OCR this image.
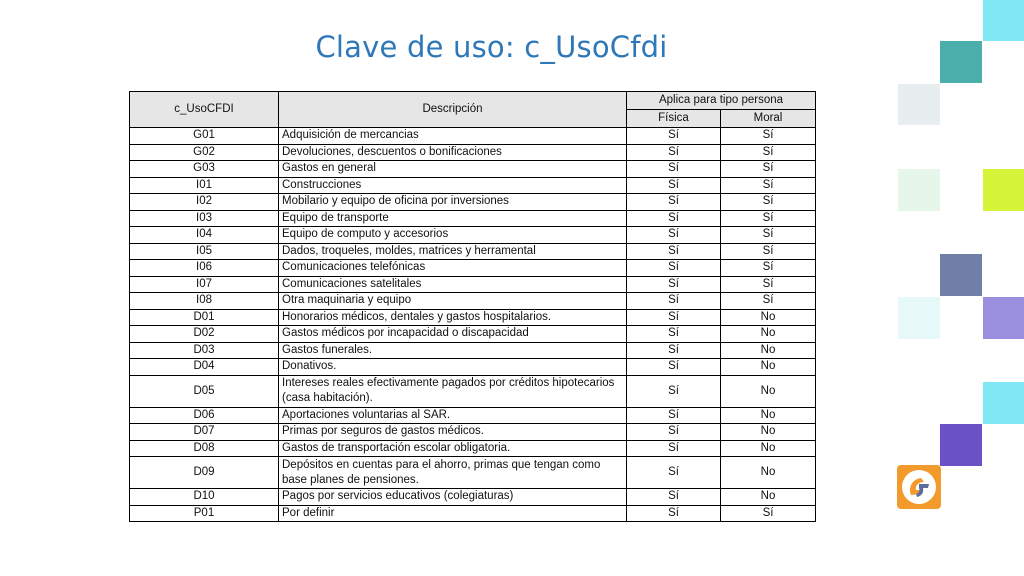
Clave de uso: c_UsoCfdi
c_UsoCFDI	Descripción	Aplica para tipo persona	
		Física	Moral
G01	Adquisición de mercancias	Sí	Sí
G02	Devoluciones, descuentos o bonificaciones	Sí	Sí
G03	Gastos en general	Sí	Sí
I01	Construcciones	Sí	Sí
I02	Mobilario y equipo de oficina por inversiones	Sí	Sí
I03	Equipo de transporte	Sí	Sí
I04	Equipo de computo y accesorios	Sí	Sí
I05	Dados, troqueles, moldes, matrices y herramental	Sí	Sí
I06	Comunicaciones telefónicas	Sí	Sí
I07	Comunicaciones satelitales	Sí	Sí
I08	Otra maquinaria y equipo	Sí	Sí
D01	Honorarios médicos, dentales y gastos hospitalarios.	Sí	No
D02	Gastos médicos por incapacidad o discapacidad	Sí	No
D03	Gastos funerales.	Sí	No
D04	Donativos.	Sí	No
D05	Intereses reales efectivamente pagados por créditos hipotecarios (casa habitación).	Sí	No
D06	Aportaciones voluntarias al SAR.	Sí	No
D07	Primas por seguros de gastos médicos.	Sí	No
D08	Gastos de transportación escolar obligatoria.	Sí	No
D09	Depósitos en cuentas para el ahorro, primas que tengan como base planes de pensiones.	Sí	No
D10	Pagos por servicios educativos (colegiaturas)	Sí	No
P01	Por definir	Sí	Sí
